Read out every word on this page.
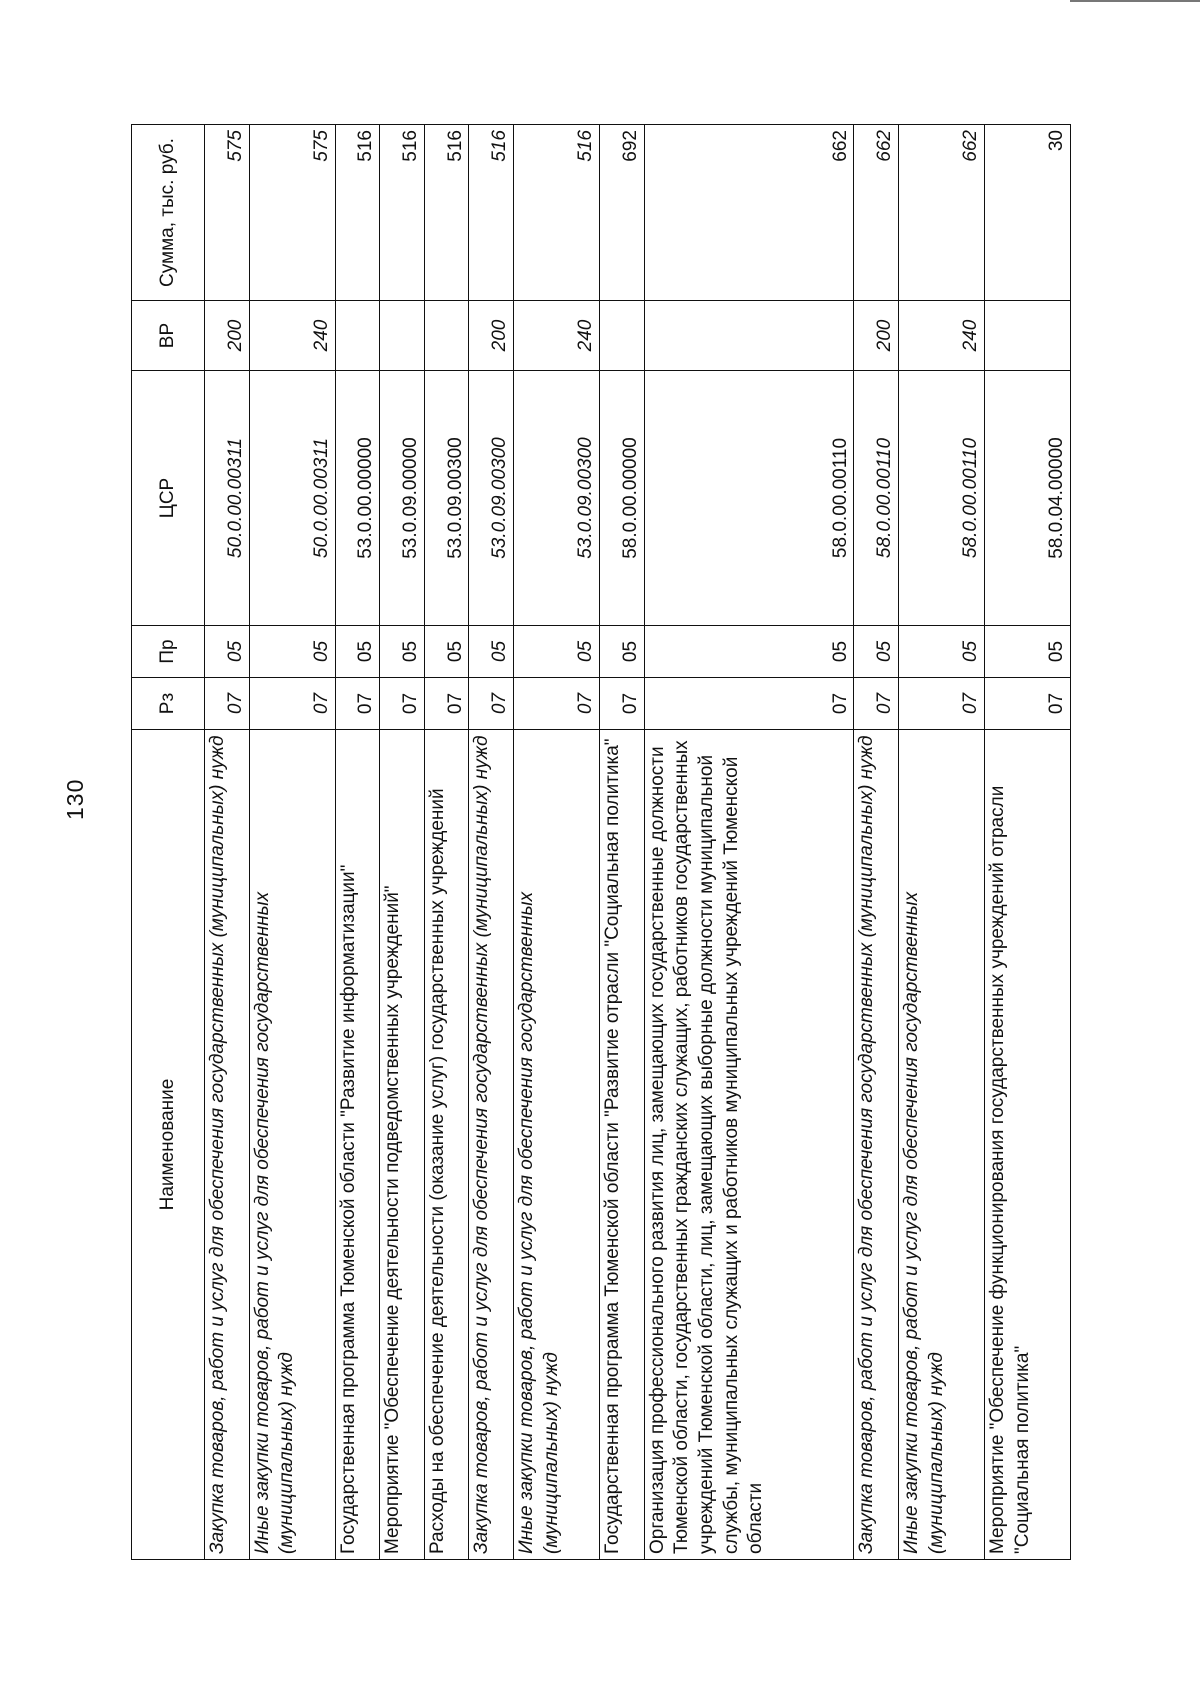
130
Наименование	Рз	Пр	ЦСР	ВР	Сумма, тыс. руб.
Закупка товаров, работ и услуг для обеспечения государственных (муниципальных) нужд	07	05	50.0.00.00311	200	575
Иные закупки товаров, работ и услуг для обеспечения государственных (муниципальных) нужд	07	05	50.0.00.00311	240	575
Государственная программа Тюменской области "Развитие информатизации"	07	05	53.0.00.00000		516
Мероприятие "Обеспечение деятельности подведомственных учреждений"	07	05	53.0.09.00000		516
Расходы на обеспечение деятельности (оказание услуг) государственных учреждений	07	05	53.0.09.00300		516
Закупка товаров, работ и услуг для обеспечения государственных (муниципальных) нужд	07	05	53.0.09.00300	200	516
Иные закупки товаров, работ и услуг для обеспечения государственных (муниципальных) нужд	07	05	53.0.09.00300	240	516
Государственная программа Тюменской области "Развитие отрасли "Социальная политика"	07	05	58.0.00.00000		692
Организация профессионального развития лиц, замещающих государственные должности Тюменской области, государственных гражданских служащих, работников государственных учреждений Тюменской области, лиц, замещающих выборные должности муниципальной службы, муниципальных служащих и работников муниципальных учреждений Тюменской области	07	05	58.0.00.00110		662
Закупка товаров, работ и услуг для обеспечения государственных (муниципальных) нужд	07	05	58.0.00.00110	200	662
Иные закупки товаров, работ и услуг для обеспечения государственных (муниципальных) нужд	07	05	58.0.00.00110	240	662
Мероприятие "Обеспечение функционирования государственных учреждений отрасли "Социальная политика"	07	05	58.0.04.00000		30
